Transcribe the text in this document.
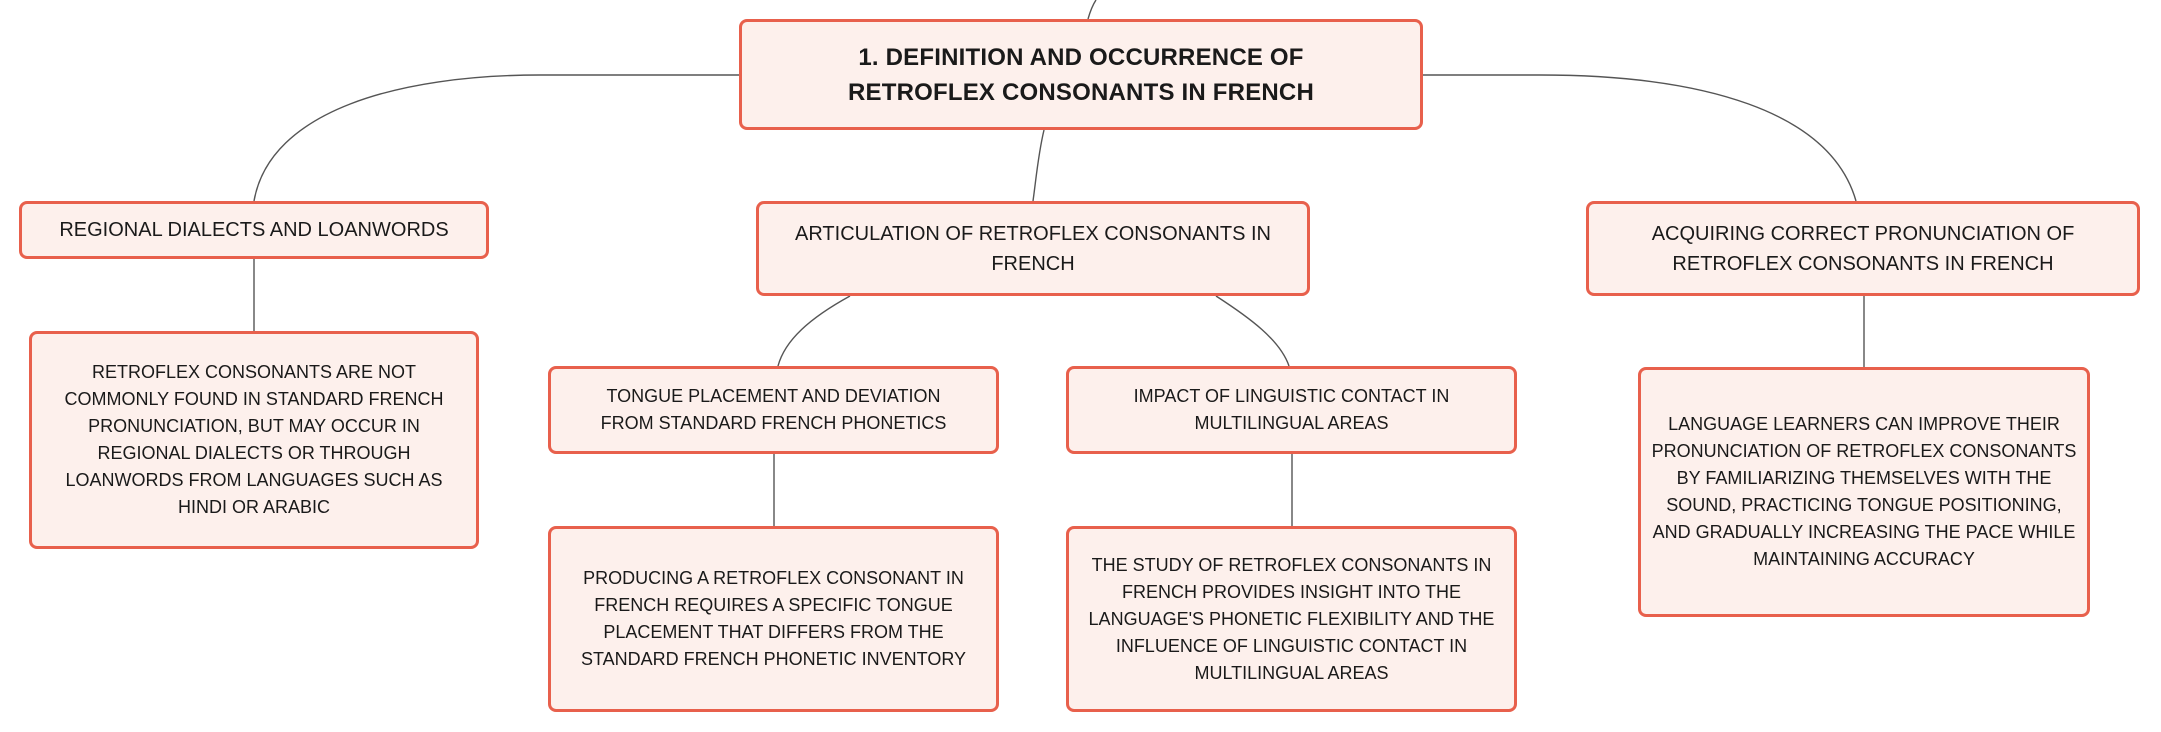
1. DEFINITION AND OCCURRENCE OF RETROFLEX CONSONANTS IN FRENCH
REGIONAL DIALECTS AND LOANWORDS	ARTICULATION OF RETROFLEX CONSONANTS IN FRENCH
ACQUIRING CORRECT PRONUNCIATION OF RETROFLEX CONSONANTS IN FRENCH
RETROFLEX CONSONANTS ARE NOT COMMONLY FOUND IN STANDARD FRENCH PRONUNCIATION, BUT MAY OCCUR IN REGIONAL DIALECTS OR THROUGH LOANWORDS FROM LANGUAGES SUCH AS HINDI OR ARABIC
TONGUE PLACEMENT AND DEVIATION FROM STANDARD FRENCH PHONETICS
IMPACT OF LINGUISTIC CONTACT IN MULTILINGUAL AREAS
PRODUCING A RETROFLEX CONSONANT IN FRENCH REQUIRES A SPECIFIC TONGUE PLACEMENT THAT DIFFERS FROM THE STANDARD FRENCH PHONETIC INVENTORY
THE STUDY OF RETROFLEX CONSONANTS IN FRENCH PROVIDES INSIGHT INTO THE LANGUAGE'S PHONETIC FLEXIBILITY AND THE INFLUENCE OF LINGUISTIC CONTACT IN MULTILINGUAL AREAS
LANGUAGE LEARNERS CAN IMPROVE THEIR PRONUNCIATION OF RETROFLEX CONSONANTS BY FAMILIARIZING THEMSELVES WITH THE SOUND, PRACTICING TONGUE POSITIONING, AND GRADUALLY INCREASING THE PACE WHILE MAINTAINING ACCURACY
